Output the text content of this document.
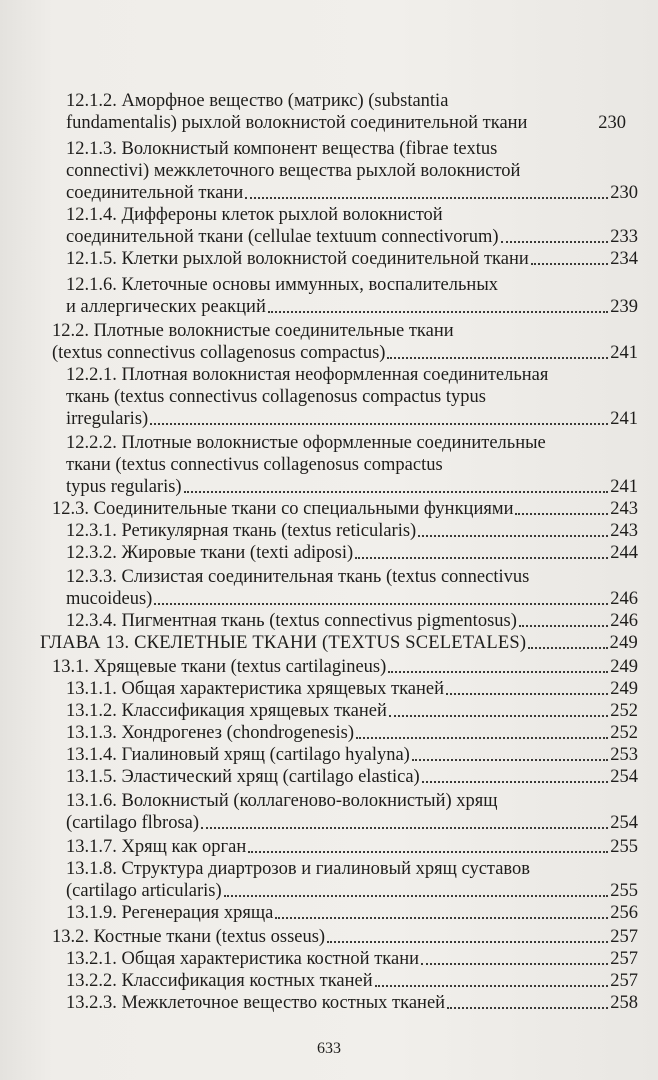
12.1.2. Аморфное вещество (матрикс) (substantia
fundamentalis) рыхлой волокнистой соединительной ткани	230
12.1.3. Волокнистый компонент вещества (fibrae textus
connectivi) межклеточного вещества рыхлой волокнистой
соединительной ткани	230
12.1.4. Диффероны клеток рыхлой волокнистой
соединительной ткани (cellulae textuum connectivorum)	233
12.1.5. Клетки рыхлой волокнистой соединительной ткани	234
12.1.6. Клеточные основы иммунных, воспалительных
и аллергических реакций	239
12.2. Плотные волокнистые соединительные ткани
(textus connectivus collagenosus compactus)	241
12.2.1. Плотная волокнистая неоформленная соединительная
ткань (textus connectivus collagenosus compactus typus
irregularis)	241
12.2.2. Плотные волокнистые оформленные соединительные
ткани (textus connectivus collagenosus compactus
typus regularis)	241
12.3. Соединительные ткани со специальными функциями	243
12.3.1. Ретикулярная ткань (textus reticularis)	243
12.3.2. Жировые ткани (texti adiposi)	244
12.3.3. Слизистая соединительная ткань (textus connectivus
mucoideus)	246
12.3.4. Пигментная ткань (textus connectivus pigmentosus)	246
ГЛАВА 13. СКЕЛЕТНЫЕ ТКАНИ (TEXTUS SCELETALES)	249
13.1. Хрящевые ткани (textus cartilagineus)	249
13.1.1. Общая характеристика хрящевых тканей	249
13.1.2. Классификация хрящевых тканей	252
13.1.3. Хондрогенез (chondrogenesis)	252
13.1.4. Гиалиновый хрящ (cartilago hyalyna)	253
13.1.5. Эластический хрящ (cartilago elastica)	254
13.1.6. Волокнистый (коллагеново-волокнистый) хрящ
(cartilago flbrosa)	254
13.1.7. Хрящ как орган	255
13.1.8. Структура диартрозов и гиалиновый хрящ суставов
(cartilago articularis)	255
13.1.9. Регенерация хряща	256
13.2. Костные ткани (textus osseus)	257
13.2.1. Общая характеристика костной ткани	257
13.2.2. Классификация костных тканей	257
13.2.3. Межклеточное вещество костных тканей	258
633
